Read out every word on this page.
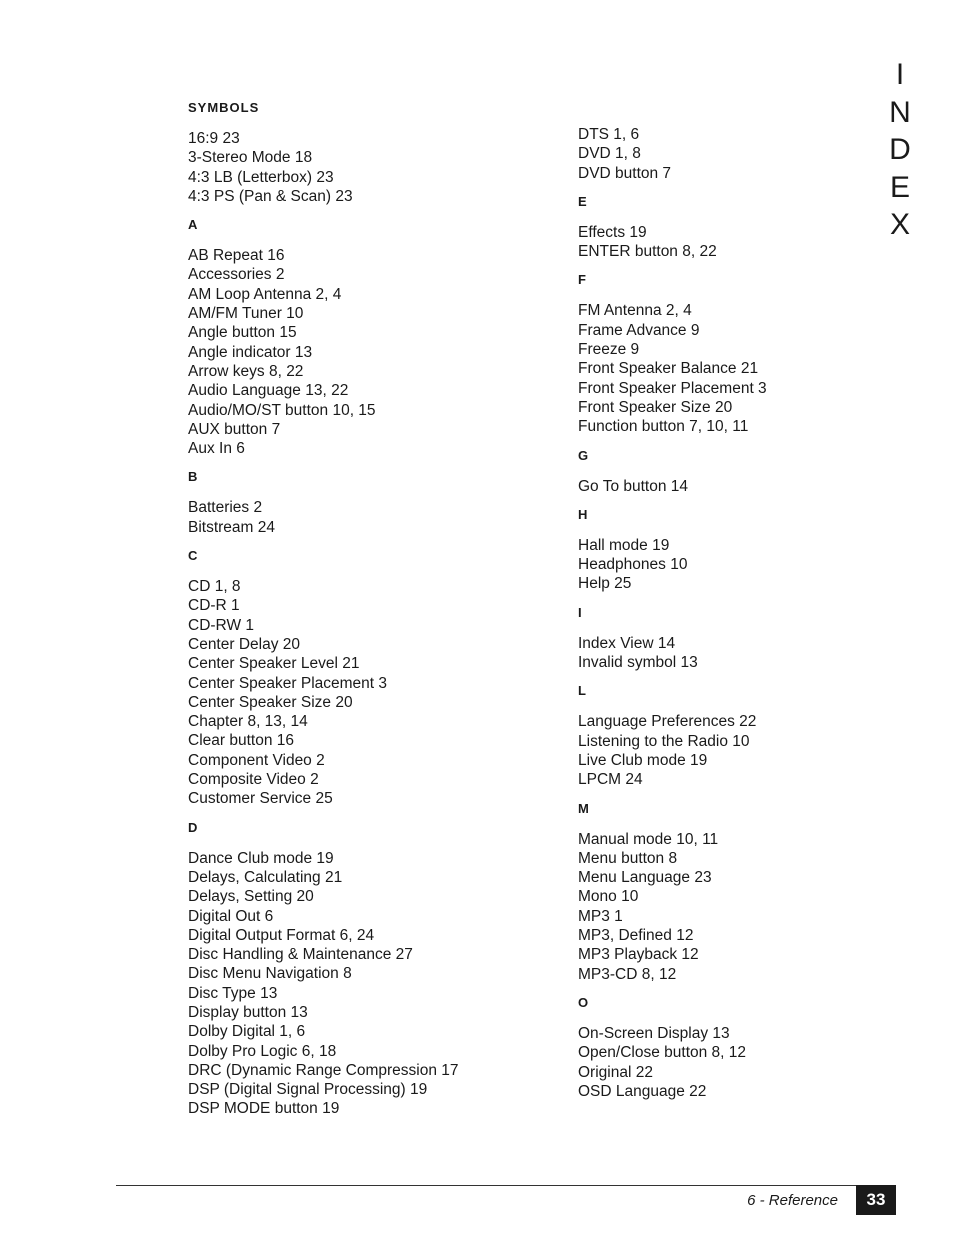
I
N
D
E
X
SYMBOLS
16:9 23
3-Stereo Mode 18
4:3 LB (Letterbox) 23
4:3 PS (Pan & Scan) 23
A
AB Repeat 16
Accessories 2
AM Loop Antenna 2, 4
AM/FM Tuner 10
Angle button 15
Angle indicator 13
Arrow keys 8, 22
Audio Language 13, 22
Audio/MO/ST button 10, 15
AUX button 7
Aux In 6
B
Batteries 2
Bitstream 24
C
CD 1, 8
CD-R 1
CD-RW 1
Center Delay 20
Center Speaker Level 21
Center Speaker Placement 3
Center Speaker Size 20
Chapter 8, 13, 14
Clear button 16
Component Video 2
Composite Video 2
Customer Service 25
D
Dance Club mode 19
Delays, Calculating 21
Delays, Setting 20
Digital Out 6
Digital Output Format 6, 24
Disc Handling & Maintenance 27
Disc Menu Navigation 8
Disc Type 13
Display button 13
Dolby Digital 1, 6
Dolby Pro Logic 6, 18
DRC (Dynamic Range Compression 17
DSP (Digital Signal Processing) 19
DSP MODE button 19
DTS 1, 6
DVD 1, 8
DVD button 7
E
Effects 19
ENTER button 8, 22
F
FM Antenna 2, 4
Frame Advance 9
Freeze 9
Front Speaker Balance 21
Front Speaker Placement 3
Front Speaker Size 20
Function button 7, 10, 11
G
Go To button 14
H
Hall mode 19
Headphones 10
Help 25
I
Index View 14
Invalid symbol 13
L
Language Preferences 22
Listening to the Radio 10
Live Club mode 19
LPCM 24
M
Manual mode 10, 11
Menu button 8
Menu Language 23
Mono 10
MP3 1
MP3, Defined 12
MP3 Playback 12
MP3-CD 8, 12
O
On-Screen Display 13
Open/Close button 8, 12
Original 22
OSD Language 22
6 - Reference	33
